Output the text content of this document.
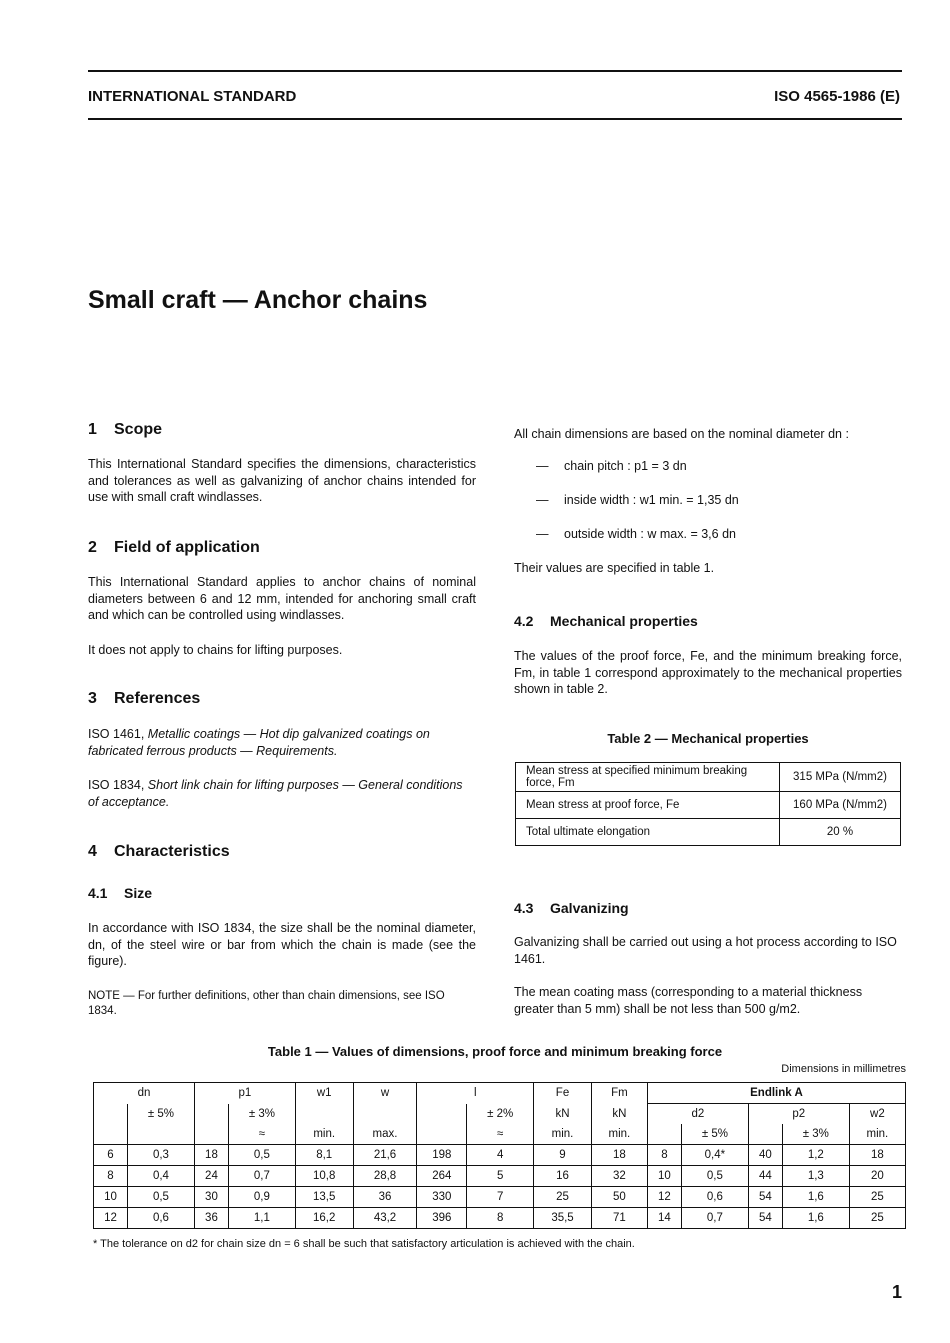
INTERNATIONAL STANDARD	ISO 4565-1986 (E)
Small craft — Anchor chains
1 Scope

This International Standard specifies the dimensions, characteristics and tolerances as well as galvanizing of anchor chains intended for use with small craft windlasses.

2 Field of application

This International Standard applies to anchor chains of nominal diameters between 6 and 12 mm, intended for anchoring small craft and which can be controlled using windlasses.

It does not apply to chains for lifting purposes.

3 References

ISO 1461, Metallic coatings — Hot dip galvanized coatings on fabricated ferrous products — Requirements.

ISO 1834, Short link chain for lifting purposes — General conditions of acceptance.

4 Characteristics
4.1 Size

In accordance with ISO 1834, the size shall be the nominal diameter, dn, of the steel wire or bar from which the chain is made (see the figure).

NOTE — For further definitions, other than chain dimensions, see ISO 1834.

All chain dimensions are based on the nominal diameter dn :

— chain pitch : p1 = 3 dn
— inside width : w1 min. = 1,35 dn
— outside width : w max. = 3,6 dn

Their values are specified in table 1.

4.2 Mechanical properties

The values of the proof force, Fe, and the minimum breaking force, Fm, in table 1 correspond approximately to the mechanical properties shown in table 2.

Table 2 — Mechanical properties
Mean stress at specified minimum breaking force, Fm	315 MPa (N/mm2)
Mean stress at proof force, Fe	160 MPa (N/mm2)
Total ultimate elongation	20 %
4.3 Galvanizing

Galvanizing shall be carried out using a hot process according to ISO 1461.

The mean coating mass (corresponding to a material thickness greater than 5 mm) shall be not less than 500 g/m2.

Table 1 — Values of dimensions, proof force and minimum breaking force
Dimensions in millimetres
dn		p1		w1	w	l		Fe	Fm	Endlink A				
	± 5%		± 3%				± 2%	kN	kN	d2		p2		w2
			≈	min.	max.		≈	min.	min.		± 5%		± 3%	min.
6	0,3	18	0,5	8,1	21,6	198	4	9	18	8	0,4*	40	1,2	18
8	0,4	24	0,7	10,8	28,8	264	5	16	32	10	0,5	44	1,3	20
10	0,5	30	0,9	13,5	36	330	7	25	50	12	0,6	54	1,6	25
12	0,6	36	1,1	16,2	43,2	396	8	35,5	71	14	0,7	54	1,6	25
* The tolerance on d2 for chain size dn = 6 shall be such that satisfactory articulation is achieved with the chain.
1
